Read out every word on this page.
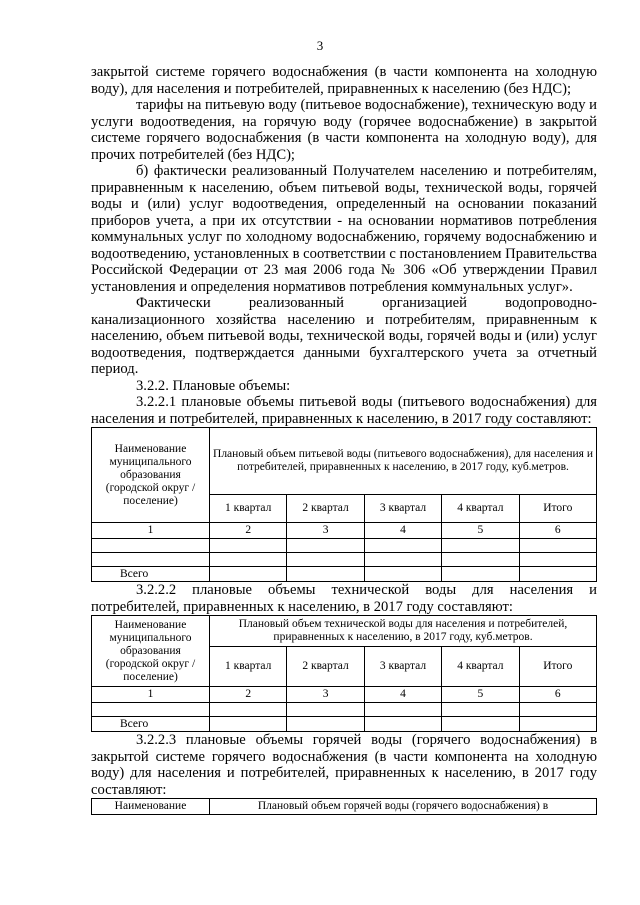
3

закрытой системе горячего водоснабжения (в части компонента на холодную воду), для населения и потребителей, приравненных к населению (без НДС);

тарифы на питьевую воду (питьевое водоснабжение), техническую воду и услуги водоотведения, на горячую воду (горячее водоснабжение) в закрытой системе горячего водоснабжения (в части компонента на холодную воду), для прочих потребителей (без НДС);

б) фактически реализованный Получателем населению и потребителям, приравненным к населению, объем питьевой воды, технической воды, горячей воды и (или) услуг водоотведения, определенный на основании показаний приборов учета, а при их отсутствии - на основании нормативов потребления коммунальных услуг по холодному водоснабжению, горячему водоснабжению и водоотведению, установленных в соответствии с постановлением Правительства Российской Федерации от 23 мая 2006 года № 306 «Об утверждении Правил установления и определения нормативов потребления коммунальных услуг».

Фактически реализованный организацией водопроводно-канализационного хозяйства населению и потребителям, приравненным к населению, объем питьевой воды, технической воды, горячей воды и (или) услуг водоотведения, подтверждается данными бухгалтерского учета за отчетный период.

3.2.2. Плановые объемы:

3.2.2.1 плановые объемы питьевой воды (питьевого водоснабжения) для населения и потребителей, приравненных к населению, в 2017 году составляют:

Наименование муниципального образования (городской округ / поселение)	Плановый объем питьевой воды (питьевого водоснабжения), для населения и потребителей, приравненных к населению, в 2017 году, куб.метров.				
	1 квартал	2 квартал	3 квартал	4 квартал	Итого
1	2	3	4	5	6

Всего					

3.2.2.2 плановые объемы технической воды для населения и потребителей, приравненных к населению, в 2017 году составляют:

Наименование муниципального образования (городской округ / поселение)	Плановый объем технической воды для населения и потребителей, приравненных к населению, в 2017 году, куб.метров.				
	1 квартал	2 квартал	3 квартал	4 квартал	Итого
1	2	3	4	5	6

Всего					

3.2.2.3 плановые объемы горячей воды (горячего водоснабжения) в закрытой системе горячего водоснабжения (в части компонента на холодную воду) для населения и потребителей, приравненных к населению, в 2017 году составляют:

Наименование	Плановый объем горячей воды (горячего водоснабжения) в
